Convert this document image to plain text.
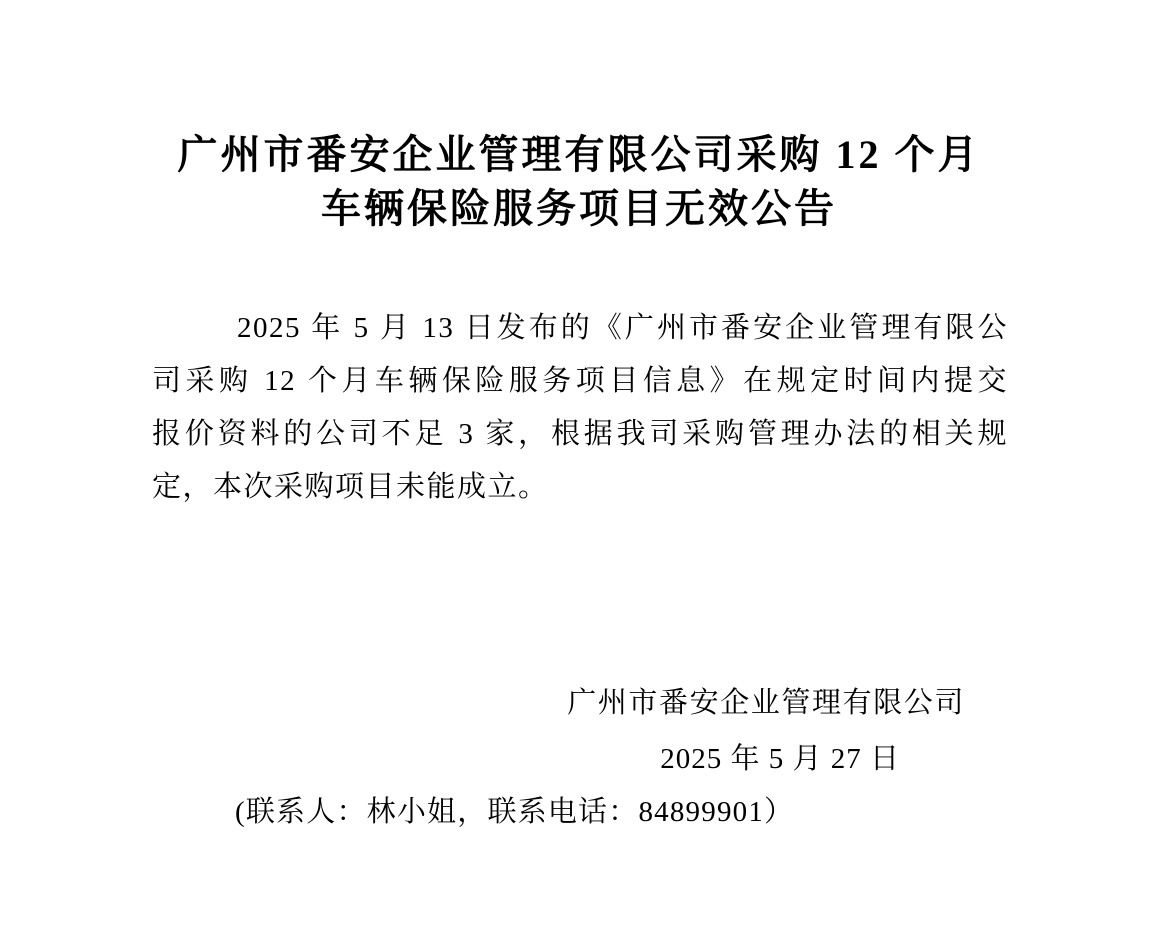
广州市番安企业管理有限公司采购 12 个月
车辆保险服务项目无效公告
2025 年 5 月 13 日发布的《广州市番安企业管理有限公
司采购 12 个月车辆保险服务项目信息》在规定时间内提交
报价资料的公司不足 3 家，根据我司采购管理办法的相关规
定，本次采购项目未能成立。
广州市番安企业管理有限公司
2025 年 5 月 27 日
(联系人：林小姐，联系电话：84899901）
